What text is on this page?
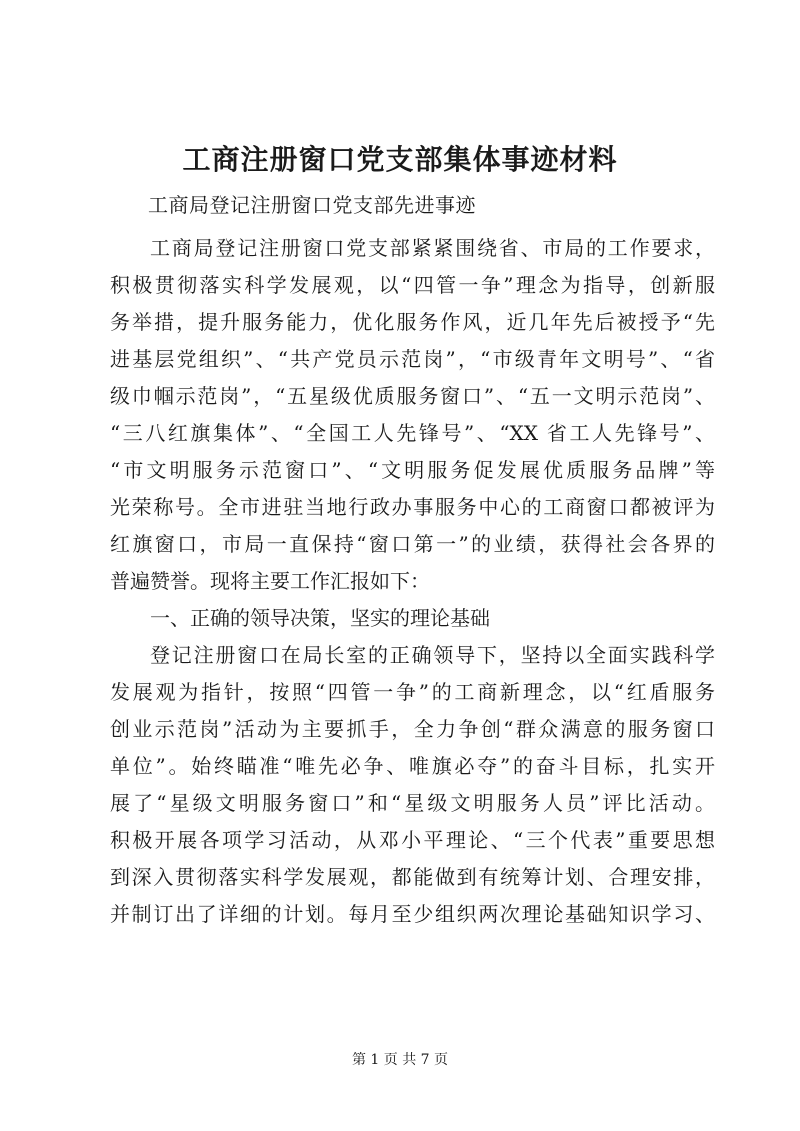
工商注册窗口党支部集体事迹材料
工商局登记注册窗口党支部先进事迹
工商局登记注册窗口党支部紧紧围绕省、市局的工作要求，
积极贯彻落实科学发展观，以“四管一争”理念为指导，创新服
务举措，提升服务能力，优化服务作风，近几年先后被授予“先
进基层党组织”、“共产党员示范岗”，“市级青年文明号”、“省
级巾帼示范岗”，“五星级优质服务窗口”、“五一文明示范岗”、
“三八红旗集体”、“全国工人先锋号”、“XX 省工人先锋号”、
“市文明服务示范窗口”、“文明服务促发展优质服务品牌”等
光荣称号。全市进驻当地行政办事服务中心的工商窗口都被评为
红旗窗口，市局一直保持“窗口第一”的业绩，获得社会各界的
普遍赞誉。现将主要工作汇报如下：
一、正确的领导决策，坚实的理论基础
登记注册窗口在局长室的正确领导下，坚持以全面实践科学
发展观为指针，按照“四管一争”的工商新理念，以“红盾服务
创业示范岗”活动为主要抓手，全力争创“群众满意的服务窗口
单位”。始终瞄准“唯先必争、唯旗必夺”的奋斗目标，扎实开
展了“星级文明服务窗口”和“星级文明服务人员”评比活动。
积极开展各项学习活动，从邓小平理论、“三个代表”重要思想
到深入贯彻落实科学发展观，都能做到有统筹计划、合理安排，
并制订出了详细的计划。每月至少组织两次理论基础知识学习、
第 1 页 共 7 页
